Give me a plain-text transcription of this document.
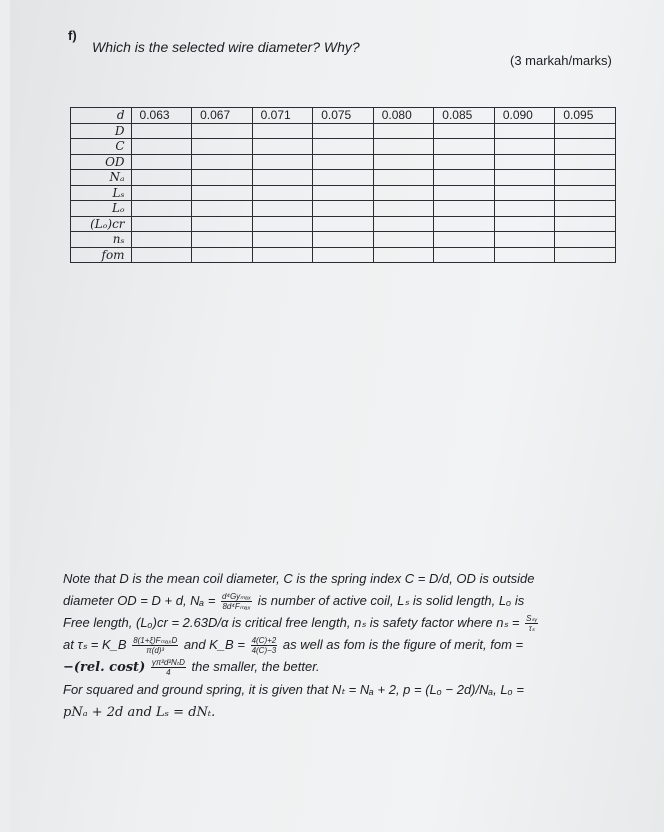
f)
Which is the selected wire diameter? Why?
(3 markah/marks)
d	0.063	0.067	0.071	0.075	0.080	0.085	0.090	0.095
D								
C								
OD								
Nₐ								
Lₛ								
Lₒ								
(Lₒ)cr								
nₛ								
fom								

Note that D is the mean coil diameter, C is the spring index C = D/d, OD is outside

diameter OD = D + d, $N_a = \frac{\text{d⁴Gyₘₐₓ}}{\text{8d⁴Fₘₐₓ}}$ is number of active coil, Lₛ is solid length, Lₒ is

Free length, (Lₒ)cr = 2.63D/α is critical free length, nₛ is safety factor where $n_s = \frac{\text{Sₛᵧ}}{\text{τₛ}}$

at τₛ = K_B $\frac{\text{8(1+ξ)FₘₐₓD}}{\text{π(d)³}}$ and K_B = $\frac{4(C)+2}{4(C)-3}$ as well as fom is the figure of merit, fom =

−(rel. $\cos t) \frac{\text{γπ²d²NₜD}}{4}$ the smaller, the better.

For squared and ground spring, it is given that Nₜ = Nₐ + 2, p = (Lₒ − 2d)/Nₐ, Lₒ =

pNₐ + 2d and Lₛ = dNₜ.
